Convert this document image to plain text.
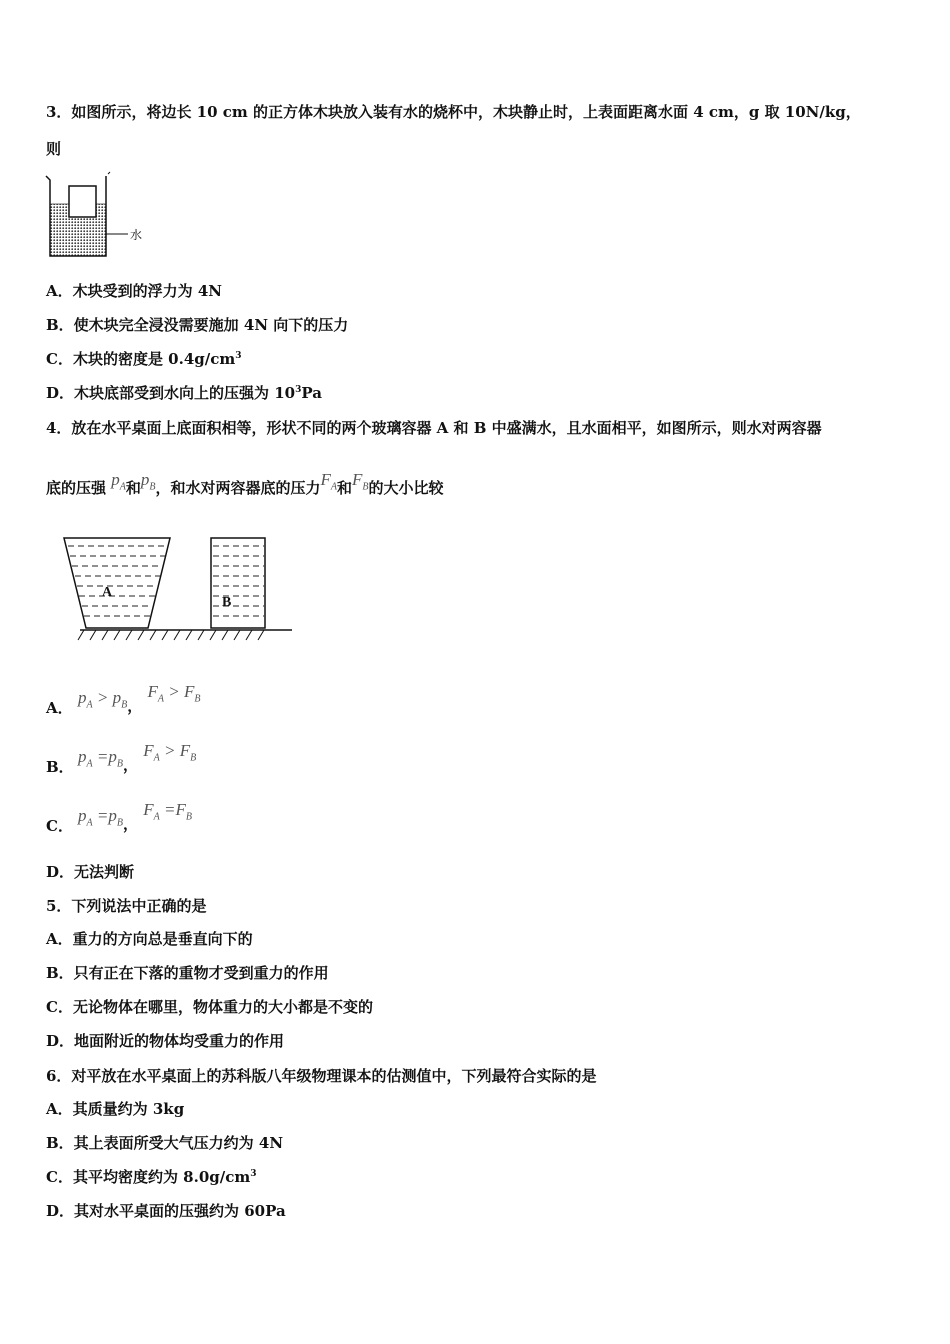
3．如图所示，将边长 10 cm 的正方体木块放入装有水的烧杯中，木块静止时，上表面距离水面 4 cm，g 取 10N/kg，
则
水
A．木块受到的浮力为 4N
B．使木块完全浸没需要施加 4N 向下的压力
C．木块的密度是 $0.4g/cm^3$
D．木块底部受到水向上的压强为 $10^3Pa$
4．放在水平桌面上底面积相等，形状不同的两个玻璃容器 A 和 B 中盛满水，且水面相平，如图所示，则水对两容器
底的压强 $p_A$和$p_B$，和水对两容器底的压力$F_A$和$F_B$的大小比较
A
B
A．
$p_A > p_B$， $F_A > F_B$
B．
$p_A =p_B$， $F_A > F_B$
C．
$p_A =p_B$， $F_A =F_B$
D．无法判断
5．下列说法中正确的是
A．重力的方向总是垂直向下的
B．只有正在下落的重物才受到重力的作用
C．无论物体在哪里，物体重力的大小都是不变的
D．地面附近的物体均受重力的作用
6．对平放在水平桌面上的苏科版八年级物理课本的估测值中，下列最符合实际的是
A．其质量约为 3kg
B．其上表面所受大气压力约为 4N
C．其平均密度约为 $8.0g/cm^3$
D．其对水平桌面的压强约为 60Pa
